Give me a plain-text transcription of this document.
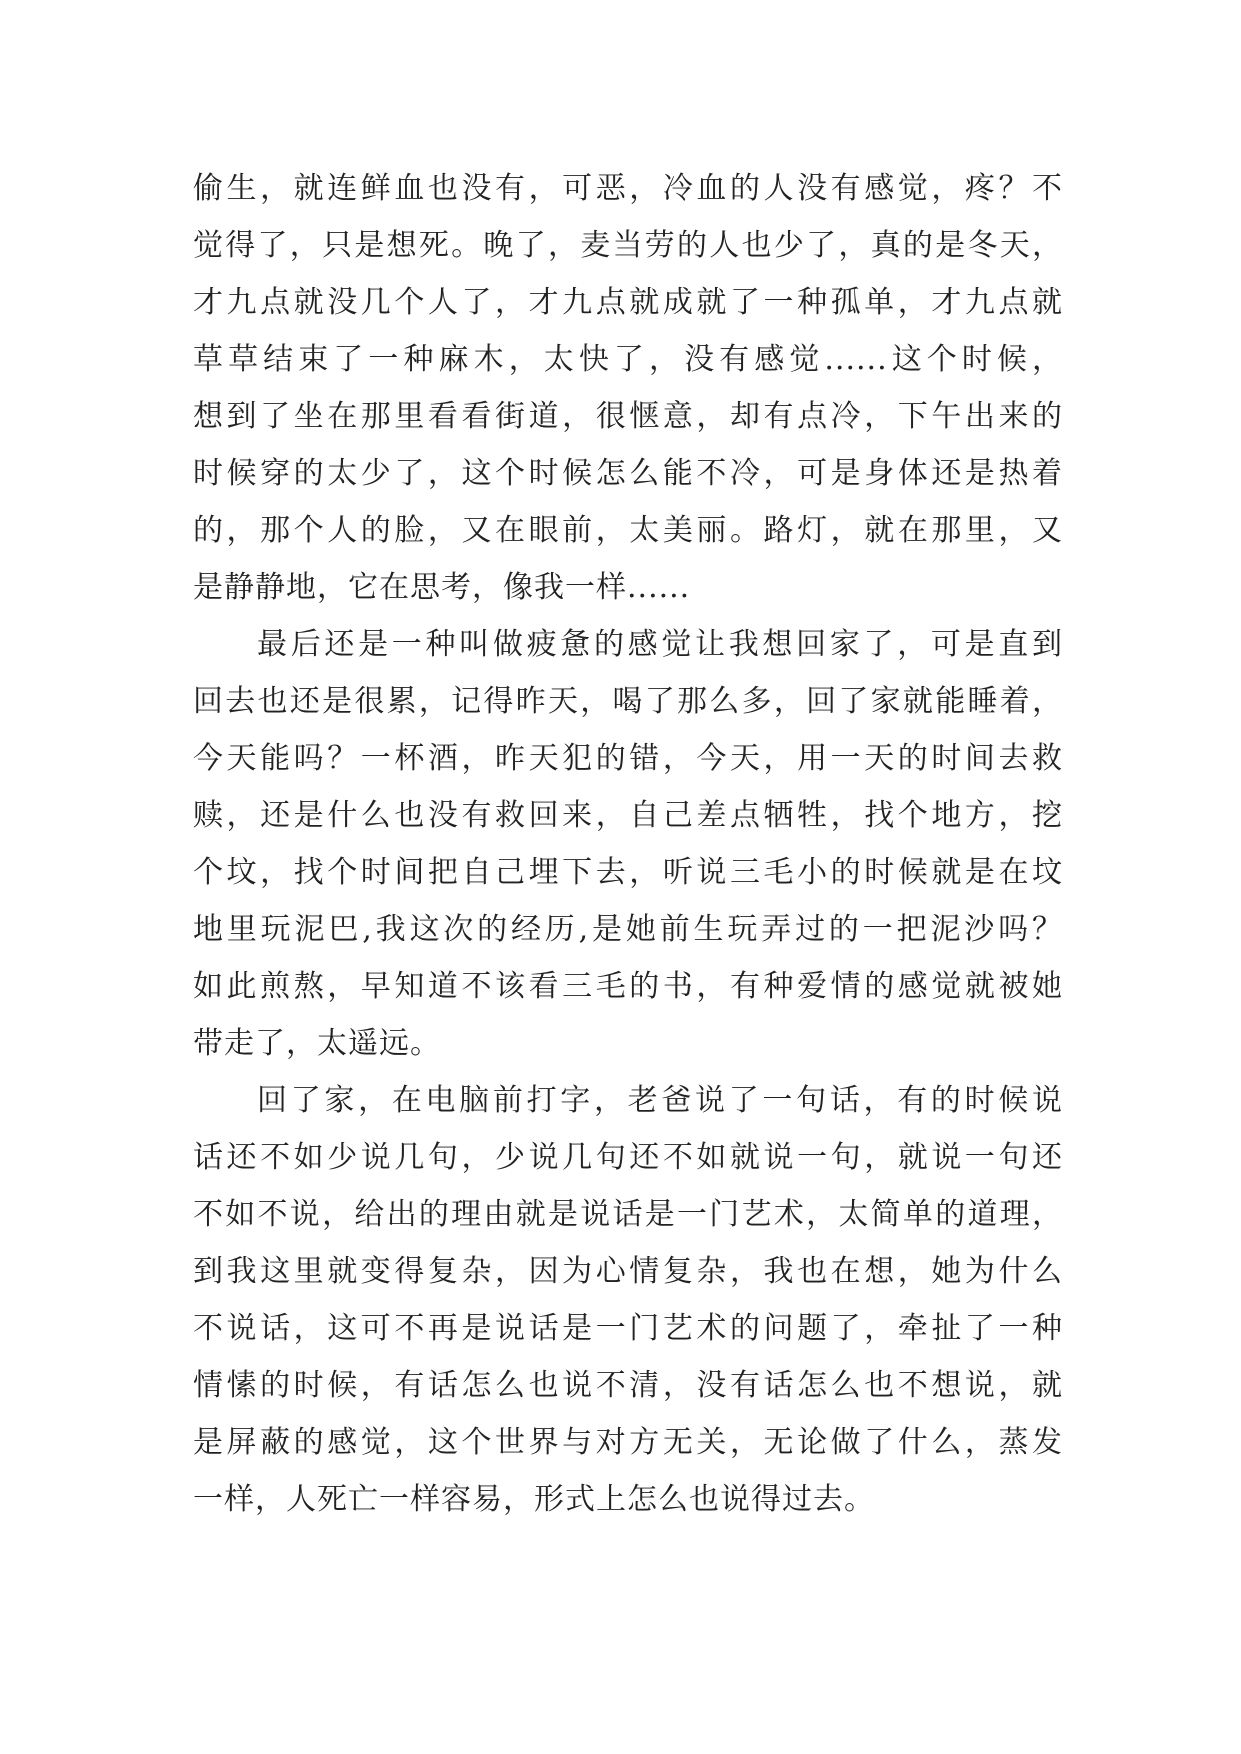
偷生，就连鲜血也没有，可恶，冷血的人没有感觉，疼？不
觉得了，只是想死。晚了，麦当劳的人也少了，真的是冬天，
才九点就没几个人了，才九点就成就了一种孤单，才九点就
草草结束了一种麻木，太快了，没有感觉......这个时候，
想到了坐在那里看看街道，很惬意，却有点冷，下午出来的
时候穿的太少了，这个时候怎么能不冷，可是身体还是热着
的，那个人的脸，又在眼前，太美丽。路灯，就在那里，又
是静静地，它在思考，像我一样......
最后还是一种叫做疲惫的感觉让我想回家了，可是直到
回去也还是很累，记得昨天，喝了那么多，回了家就能睡着，
今天能吗？一杯酒，昨天犯的错，今天，用一天的时间去救
赎，还是什么也没有救回来，自己差点牺牲，找个地方，挖
个坟，找个时间把自己埋下去，听说三毛小的时候就是在坟
地里玩泥巴,我这次的经历,是她前生玩弄过的一把泥沙吗？
如此煎熬，早知道不该看三毛的书，有种爱情的感觉就被她
带走了，太遥远。
回了家，在电脑前打字，老爸说了一句话，有的时候说
话还不如少说几句，少说几句还不如就说一句，就说一句还
不如不说，给出的理由就是说话是一门艺术，太简单的道理，
到我这里就变得复杂，因为心情复杂，我也在想，她为什么
不说话，这可不再是说话是一门艺术的问题了，牵扯了一种
情愫的时候，有话怎么也说不清，没有话怎么也不想说，就
是屏蔽的感觉，这个世界与对方无关，无论做了什么，蒸发
一样，人死亡一样容易，形式上怎么也说得过去。
